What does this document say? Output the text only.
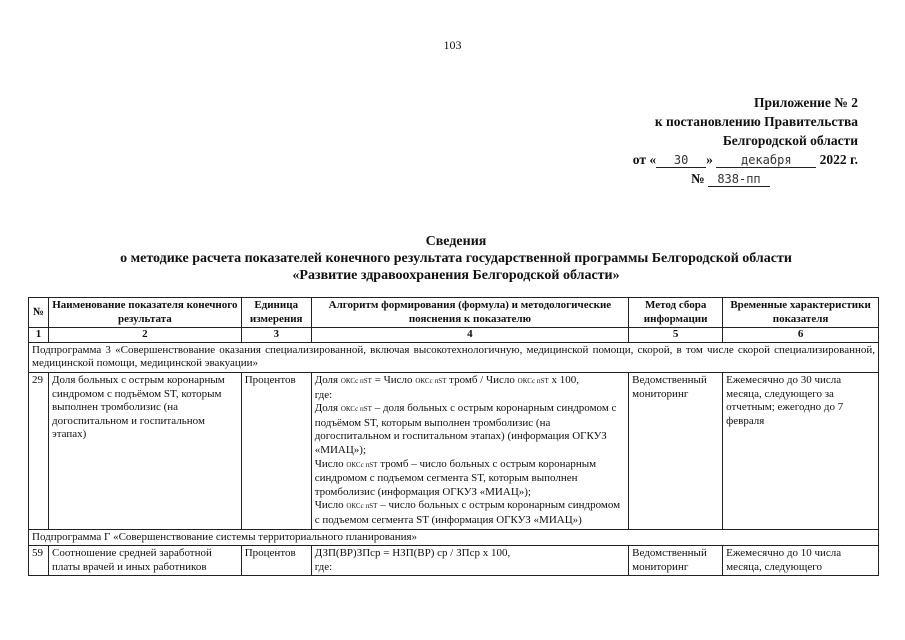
103
Приложение № 2
к постановлению Правительства
Белгородской области
от « 30 » декабря 2022 г.
№ 838-пп
Сведения
о методике расчета показателей конечного результата государственной программы Белгородской области
«Развитие здравоохранения Белгородской области»
№	Наименование показателя конечного результата	Единица измерения	Алгоритм формирования (формула) и методологические пояснения к показателю	Метод сбора информации	Временные характеристики показателя
1	2	3	4	5	6
Подпрограмма 3 «Совершенствование оказания специализированной, включая высокотехнологичную, медицинской помощи, скорой, в том числе скорой специализированной, медицинской помощи, медицинской эвакуации»					
29	Доля больных с острым коронарным синдромом с подъёмом ST, которым выполнен тромболизис (на догоспитальном и госпитальном этапах)	Процентов	Доля ОКСс пST = Число ОКСс пST тромб / Число ОКСс пST x 100,
где:
Доля ОКСс пST – доля больных с острым коронарным синдромом с подъёмом ST, которым выполнен тромболизис (на догоспитальном и госпитальном этапах) (информация ОГКУЗ «МИАЦ»);
Число ОКСс пST тромб – число больных с острым коронарным синдромом с подъемом сегмента ST, которым выполнен тромболизис (информация ОГКУЗ «МИАЦ»);
Число ОКСс пST – число больных с острым коронарным синдромом с подъемом сегмента ST (информация ОГКУЗ «МИАЦ»)	Ведомственный мониторинг	Ежемесячно до 30 числа месяца, следующего за отчетным; ежегодно до 7 февраля
Подпрограмма Г «Совершенствование системы территориального планирования»					
59	Соотношение средней заработной платы врачей и иных работников	Процентов	ДЗП(ВР)ЗПср = НЗП(ВР) ср / ЗПср x 100,
где:	Ведомственный мониторинг	Ежемесячно до 10 числа месяца, следующего
